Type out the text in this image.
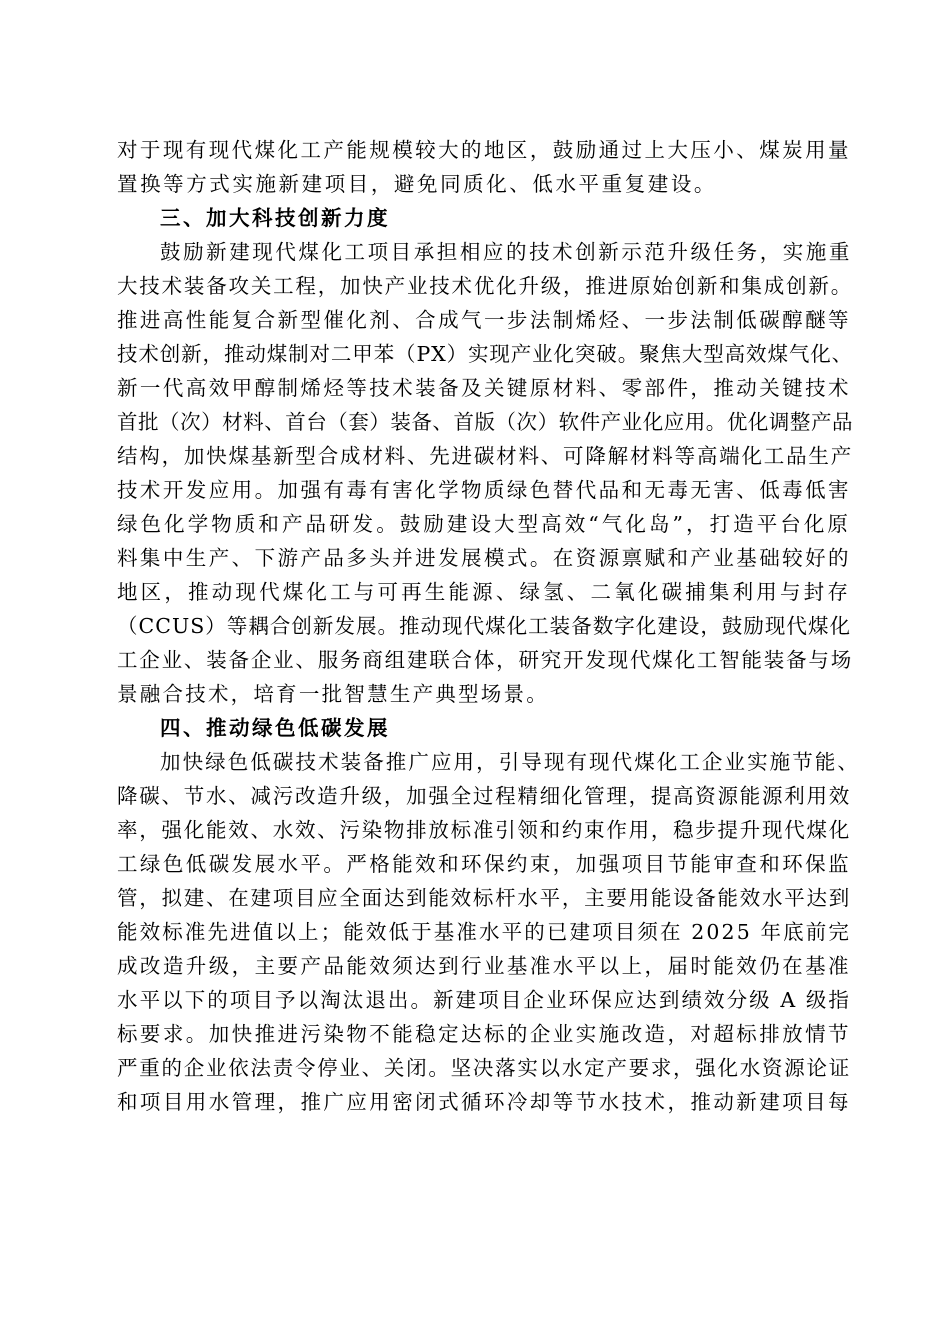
对于现有现代煤化工产能规模较大的地区，鼓励通过上大压小、煤炭用量
置换等方式实施新建项目，避免同质化、低水平重复建设。
三、加大科技创新力度
鼓励新建现代煤化工项目承担相应的技术创新示范升级任务，实施重
大技术装备攻关工程，加快产业技术优化升级，推进原始创新和集成创新。
推进高性能复合新型催化剂、合成气一步法制烯烃、一步法制低碳醇醚等
技术创新，推动煤制对二甲苯（PX）实现产业化突破。聚焦大型高效煤气化、
新一代高效甲醇制烯烃等技术装备及关键原材料、零部件，推动关键技术
首批（次）材料、首台（套）装备、首版（次）软件产业化应用。优化调整产品
结构，加快煤基新型合成材料、先进碳材料、可降解材料等高端化工品生产
技术开发应用。加强有毒有害化学物质绿色替代品和无毒无害、低毒低害
绿色化学物质和产品研发。鼓励建设大型高效“气化岛”，打造平台化原
料集中生产、下游产品多头并进发展模式。在资源禀赋和产业基础较好的
地区，推动现代煤化工与可再生能源、绿氢、二氧化碳捕集利用与封存
（CCUS）等耦合创新发展。推动现代煤化工装备数字化建设，鼓励现代煤化
工企业、装备企业、服务商组建联合体，研究开发现代煤化工智能装备与场
景融合技术，培育一批智慧生产典型场景。
四、推动绿色低碳发展
加快绿色低碳技术装备推广应用，引导现有现代煤化工企业实施节能、
降碳、节水、减污改造升级，加强全过程精细化管理，提高资源能源利用效
率，强化能效、水效、污染物排放标准引领和约束作用，稳步提升现代煤化
工绿色低碳发展水平。严格能效和环保约束，加强项目节能审查和环保监
管，拟建、在建项目应全面达到能效标杆水平，主要用能设备能效水平达到
能效标准先进值以上；能效低于基准水平的已建项目须在 2025 年底前完
成改造升级，主要产品能效须达到行业基准水平以上，届时能效仍在基准
水平以下的项目予以淘汰退出。新建项目企业环保应达到绩效分级 A 级指
标要求。加快推进污染物不能稳定达标的企业实施改造，对超标排放情节
严重的企业依法责令停业、关闭。坚决落实以水定产要求，强化水资源论证
和项目用水管理，推广应用密闭式循环冷却等节水技术，推动新建项目每
